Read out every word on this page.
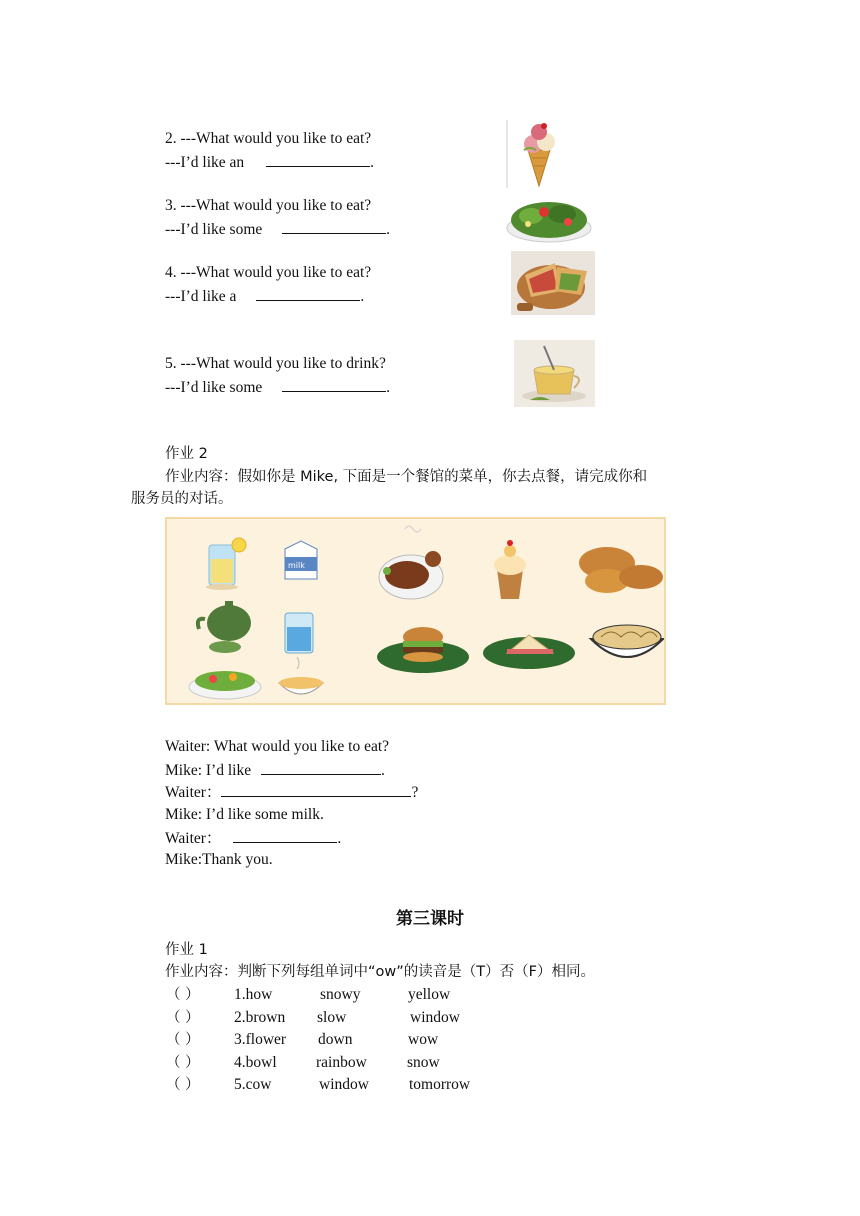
2. ---What would you like to eat?
---I’d like an	.
3. ---What would you like to eat?
---I’d like some	.
4. ---What would you like to eat?
---I’d like a	.
5. ---What would you like to drink?
---I’d like some	.
作业 2
作业内容：假如你是 Mike, 下面是一个餐馆的菜单，你去点餐，请完成你和
服务员的对话。
milk
Waiter: What would you like to eat?
Mike: I’d like	.
Waiter：	?
Mike: I’d like some milk.
Waiter：	.
Mike:Thank you.
第三课时
作业 1
作业内容：判断下列每组单词中“ow”的读音是（T）否（F）相同。
（ ） 1.how	snowy	yellow
（ ） 2.brown slow	window
（ ） 3.flower down	wow
（ ） 4.bowl	rainbow	snow
（ ） 5.cow	window	tomorrow
